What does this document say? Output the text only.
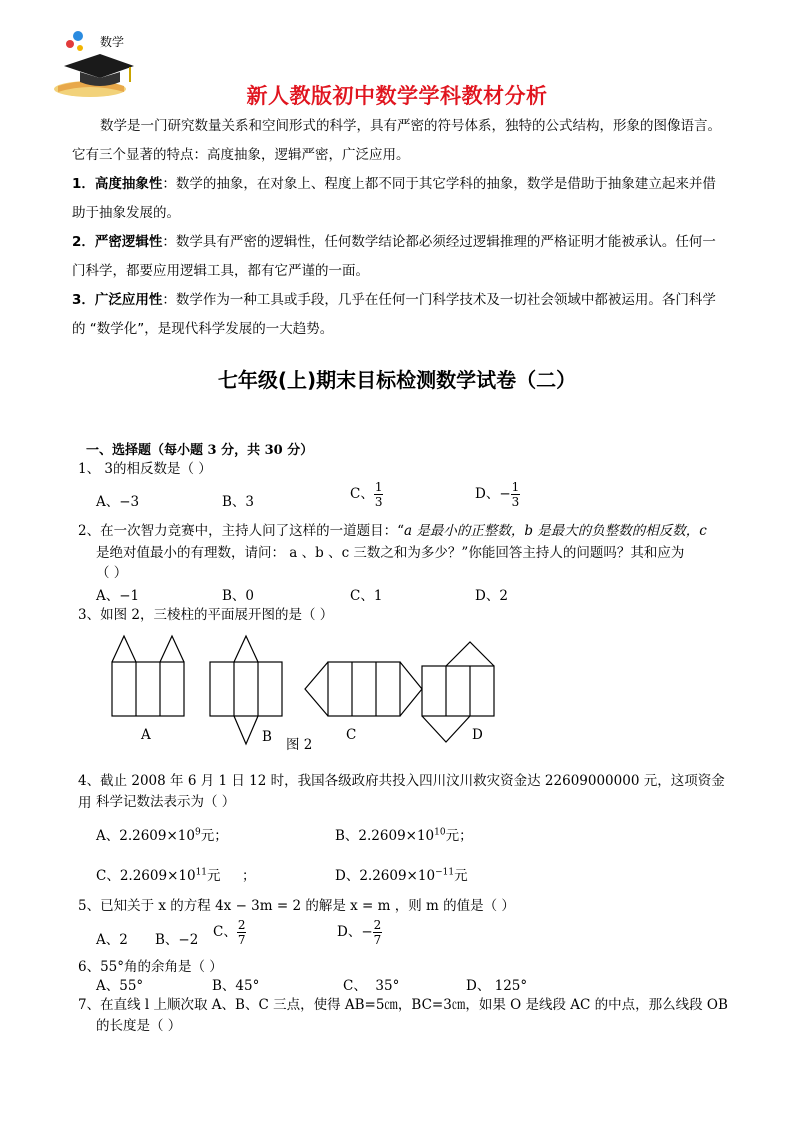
数学
新人教版初中数学学科教材分析

数学是一门研究数量关系和空间形式的科学，具有严密的符号体系，独特的公式结构，形象的图像语言。它有三个显著的特点：高度抽象，逻辑严密，广泛应用。

1．高度抽象性：数学的抽象，在对象上、程度上都不同于其它学科的抽象，数学是借助于抽象建立起来并借助于抽象发展的。

2．严密逻辑性：数学具有严密的逻辑性，任何数学结论都必须经过逻辑推理的严格证明才能被承认。任何一门科学，都要应用逻辑工具，都有它严谨的一面。

3．广泛应用性：数学作为一种工具或手段，几乎在任何一门科学技术及一切社会领域中都被运用。各门科学的 “数学化”，是现代科学发展的一大趋势。

七年级(上)期末目标检测数学试卷（二）
一、选择题（每小题 3 分，共 30 分）
1、 3的相反数是（ ）
A、−3	B、3	C、 $\frac{1}{3}$	D、− $\frac{1}{3}$
2、在一次智力竞赛中，主持人问了这样的一道题目：“a 是最小的正整数，b 是最大的负整数的相反数，c
是绝对值最小的有理数，请问： a 、b 、c 三数之和为多少？”你能回答主持人的问题吗？其和应为
（ ）
A、−1	B、0	C、1	D、2
3、如图 2，三棱柱的平面展开图的是（ ）
A	B	C	D
图 2
4、截止 2008 年 6 月 1 日 12 时，我国各级政府共投入四川汶川救灾资金达 22609000000 元，这项资金用 科学记数法表示为（ ）
A、$2.2609\times 10^9$元；	B、$2.2609\times 10^{10}$元；
C、$2.2609\times 10^{11}$元     ；	D、$2.2609\times 10^{-11}$元
5、已知关于 x 的方程 4x − 3m = 2 的解是 x = m ，则 m 的值是（ ）
A、2 B、−2 C、 $\frac{2}{7}$	D、− $\frac{2}{7}$
6、55°角的余角是（ ）
A、55°	B、45°	C、  35°	D、 125°
7、在直线 l 上顺次取 A、B、C 三点，使得 AB=5㎝，BC=3㎝，如果 O 是线段 AC 的中点，那么线段 OB
的长度是（ ）
